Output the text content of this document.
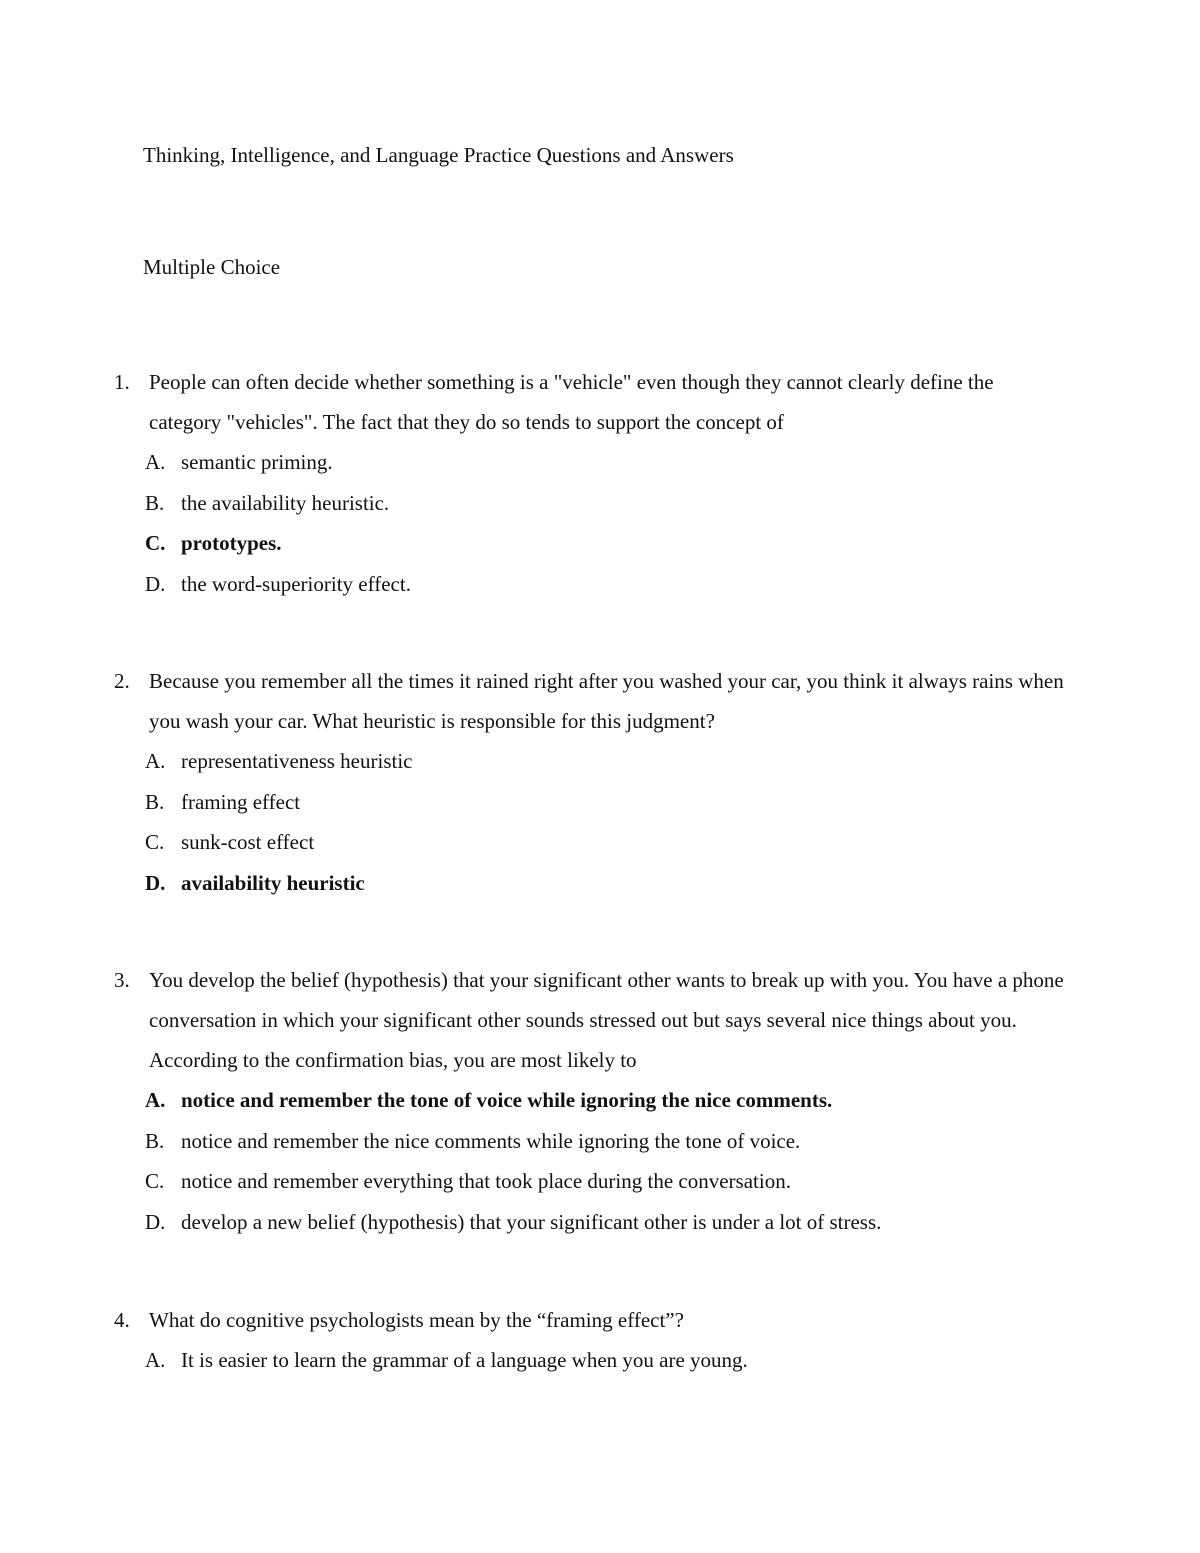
Thinking, Intelligence, and Language Practice Questions and Answers
Multiple Choice
1. People can often decide whether something is a "vehicle" even though they cannot clearly define the category "vehicles". The fact that they do so tends to support the concept of
A. semantic priming.
B. the availability heuristic.
C. prototypes.
D. the word-superiority effect.
2. Because you remember all the times it rained right after you washed your car, you think it always rains when you wash your car. What heuristic is responsible for this judgment?
A. representativeness heuristic
B. framing effect
C. sunk-cost effect
D. availability heuristic
3. You develop the belief (hypothesis) that your significant other wants to break up with you. You have a phone conversation in which your significant other sounds stressed out but says several nice things about you. According to the confirmation bias, you are most likely to
A. notice and remember the tone of voice while ignoring the nice comments.
B. notice and remember the nice comments while ignoring the tone of voice.
C. notice and remember everything that took place during the conversation.
D. develop a new belief (hypothesis) that your significant other is under a lot of stress.
4. What do cognitive psychologists mean by the “framing effect”?
A. It is easier to learn the grammar of a language when you are young.
